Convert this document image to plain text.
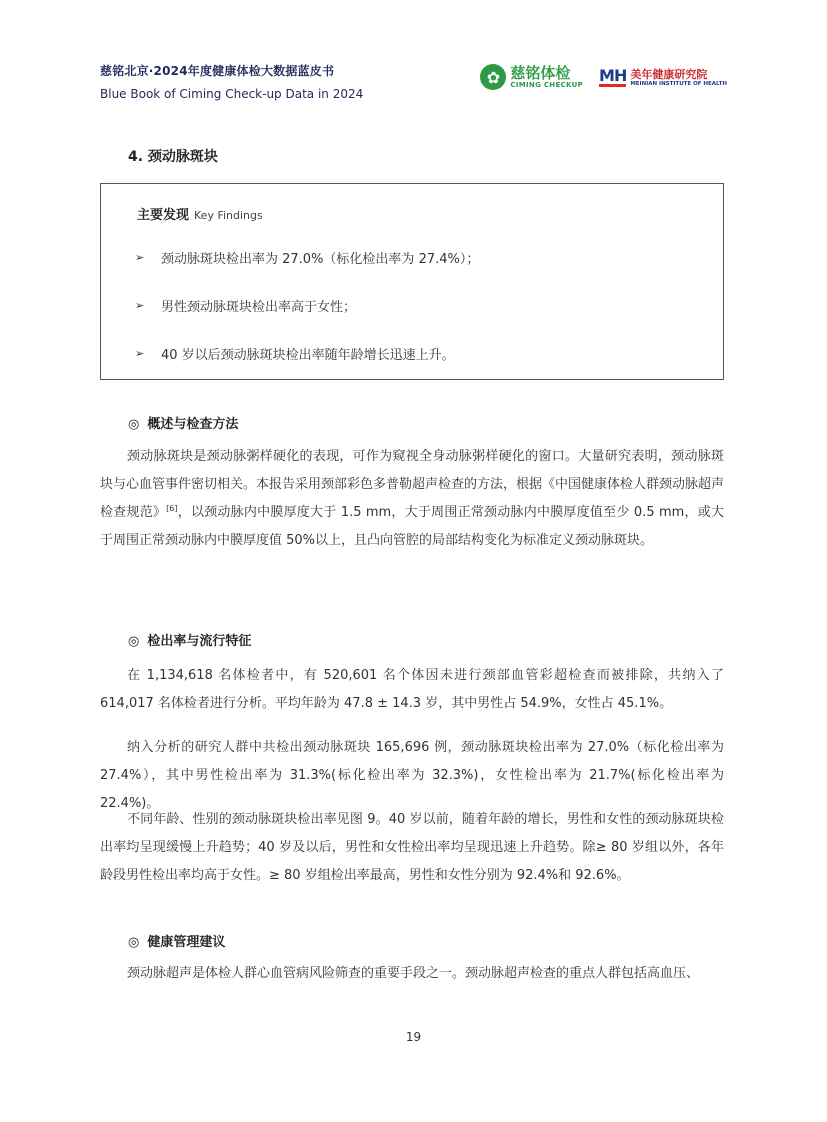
慈铭北京·2024年度健康体检大数据蓝皮书
Blue Book of Ciming Check-up Data in 2024
✿ 慈铭体检
CIMING CHECKUP
MH 美年健康研究院
MEINIAN INSTITUTE OF HEALTH
4. 颈动脉斑块
主要发现 Key Findings
➢	颈动脉斑块检出率为 27.0%（标化检出率为 27.4%）；
➢	男性颈动脉斑块检出率高于女性；
➢	40 岁以后颈动脉斑块检出率随年龄增长迅速上升。
◎ 概述与检查方法

颈动脉斑块是颈动脉粥样硬化的表现，可作为窥视全身动脉粥样硬化的窗口。大量研究表明，颈动脉斑块与心血管事件密切相关。本报告采用颈部彩色多普勒超声检查的方法，根据《中国健康体检人群颈动脉超声检查规范》[6]，以颈动脉内中膜厚度大于 1.5 mm，大于周围正常颈动脉内中膜厚度值至少 0.5 mm，或大于周围正常颈动脉内中膜厚度值 50%以上，且凸向管腔的局部结构变化为标准定义颈动脉斑块。

◎ 检出率与流行特征

在 1,134,618 名体检者中，有 520,601 名个体因未进行颈部血管彩超检查而被排除，共纳入了 614,017 名体检者进行分析。平均年龄为 47.8 ± 14.3 岁，其中男性占 54.9%，女性占 45.1%。

纳入分析的研究人群中共检出颈动脉斑块 165,696 例，颈动脉斑块检出率为 27.0%（标化检出率为 27.4%），其中男性检出率为 31.3%(标化检出率为 32.3%)，女性检出率为 21.7%(标化检出率为 22.4%)。

不同年龄、性别的颈动脉斑块检出率见图 9。40 岁以前，随着年龄的增长，男性和女性的颈动脉斑块检出率均呈现缓慢上升趋势；40 岁及以后，男性和女性检出率均呈现迅速上升趋势。除≥ 80 岁组以外，各年龄段男性检出率均高于女性。≥ 80 岁组检出率最高，男性和女性分别为 92.4%和 92.6%。

◎ 健康管理建议

颈动脉超声是体检人群心血管病风险筛查的重要手段之一。颈动脉超声检查的重点人群包括高血压、

19
